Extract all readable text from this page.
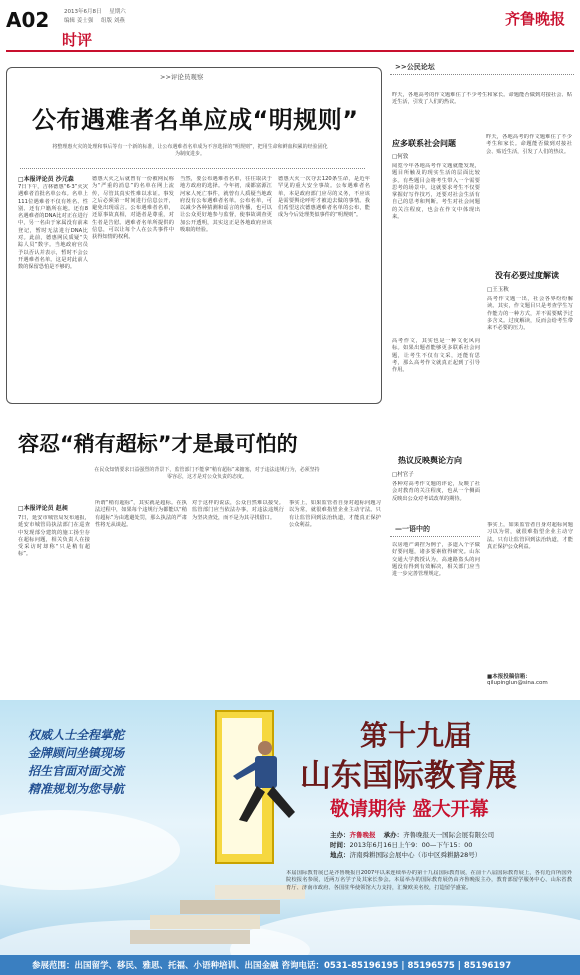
A02	2013年6月8日 星期六
编辑 姜士强 组版 刘燕
时评
齐鲁晚报
>>评论员观察
公布遇难者名单应成“明规则”
将整理惠火灾的处理和事后等有一个新的标准，让公布遇难者名单成为不容选择的“明规则”，把用生命和鲜血积累的经验固化为制度进步。
□本报评论员 沙元森
7日下午，吉林德惠“6·3”火灾遇难者首批名单公布。名单上111位遇难者不仅有姓名、性别、还有户籍所在地。还有8名遇难者的DNA比对正在进行中，另一名由于家属没有前来登记，暂时无法进行DNA比对。此前，德惠网民质疑“失踪人员”数字。当地政府官员予以否认并表示，暂时不会公开遇难者名单。这是对此前人数的保留恐怕是不够的。
德惠大火之后就曾有一份被网民称为“严重的消息”的名单在网上流传，尽管其真实性难以求证。事发之后必须第一时间进行信息公开，避免出现谣言。公布遇难者名单，还原事故真相，对逝者是尊重，对生者是告慰。遇难者名单所提供的信息，可以让每个人在公共事件中获得知情的权利。
当然，要公布遇难者名单，往往取决于地方政府的选择。今年初，成都富源江河家人死亡事件，就曾有人质疑当地政府没有公布遇难者名单。公布名单，可以减少各种猜测和谣言的传播，也可以让公众更好地参与监督，使事故调查更加公开透明，其实这正是各地政府应该吸取的经验。
德惠大火一次夺去120条生命，是近年罕见的重大安全事故。公布遇难者名单，本是政府部门应尽的义务，不应该是需要舆论呼吁才被迫去做的事情。我们希望这次德惠遇难者名单的公布，能成为今后处理类似事件的“明规则”。
>>公民论坛
昨天，各地高考的作文题难住了不少考生和家长。命题能否做到对接社会、贴近生活，引发了人们的热议。
应多联系社会问题
□何敦
阅览今年各地高考作文题就能发现，题目所触及的现实生活的层面比较多。有些题目会将考生带入一个需要思考的场景中。这就要求考生不仅要掌握好写作技巧，还要对社会生活有自己的思考和判断。考生对社会问题的关注程度，也会在作文中体现出来。
高考作文，其实也是一种文化风向标。如果出题者能够更多联系社会问题，让考生不仅有文采，还能有思考，那么高考作文就真正起到了引导作用。
热议反映舆论方向
□村官子
各种对高考作文题的评论，反映了社会对教育的关注程度，也从一个侧面反映出公众对考试改革的期待。
昨天，各地高考的作文题难住了不少考生和家长。命题能否做到对接社会、贴近生活，引发了人们的热议。
没有必要过度解读
□王玉秋
高考作文题一出，社会各界纷纷解读。其实，作文题目只是考查学生写作能力的一种方式，并不需要赋予过多含义。过度解读，反而会给考生带来不必要的压力。
—一语中的
以房地产调控为例子，多道入个字做好要问题，诸多要素值得研究。山东交通大学教授认为，高速路盗头的问题没有得到有效解决，相关部门应当进一步完善管理规定。
事实上，如果监管者自身对超标问题习以为常，就很难指望企业主动守法。只有让监管回到法治轨道，才能真正保护公众利益。
■本报投稿信箱：
qilupinglun@sina.com
容忍“稍有超标”才是最可怕的
在民众知情要求日益强烈的背景下，监管部门不能拿“稍有超标”来搪塞，对于违法违规行为，必须坚持零容忍，这才是对公众负责的态度。
□本报评论员 赵昶
7日，延安市城管局发布通报，延安市城管局执法部门在巡查中发现部分建筑的施工扬尘存在超标问题，相关负责人在接受采访时却称“只是稍有超标”。
所谓“稍有超标”，其实就是超标。在执法过程中，如果每个违规行为都能以“稍有超标”为由逃避处罚，那么执法的严肃性将无从谈起。
对于这样的说法，公众自然难以接受。监管部门应当依法办事，对违法违规行为坚决查处，而不是为其寻找借口。
事实上，如果监管者自身对超标问题习以为常，就很难指望企业主动守法。只有让监管回到法治轨道，才能真正保护公众利益。
权威人士全程掌舵
金牌顾问坐镇现场
招生官面对面交流
精准规划为您导航
第十九届
山东国际教育展
敬请期待 盛大开幕
主办：齐鲁晚报 承办：齐鲁晚报天一国际会展有限公司
时间：2013年6月16日上午9：00—下午15：00
地点：济南舜耕国际会展中心（市中区舜耕路28号）
本届国际教育展已是齐鲁晚报自2007年以来连续举办的第十九届国际教育展，在前十八届国际教育展上，各有近百所国外院校报名参展，近两万名学子及其家长参会。本届举办的国际教育展仍由齐鲁晚报主办，教育部留学服务中心、山东省教育厅、济南市政府、各国驻华使领馆大力支持，汇聚欧美名校，打造留学盛宴。
参展范围：出国留学、移民、雅思、托福、小语种培训、出国金融 咨询电话：0531-85196195 | 85196575 | 85196197
